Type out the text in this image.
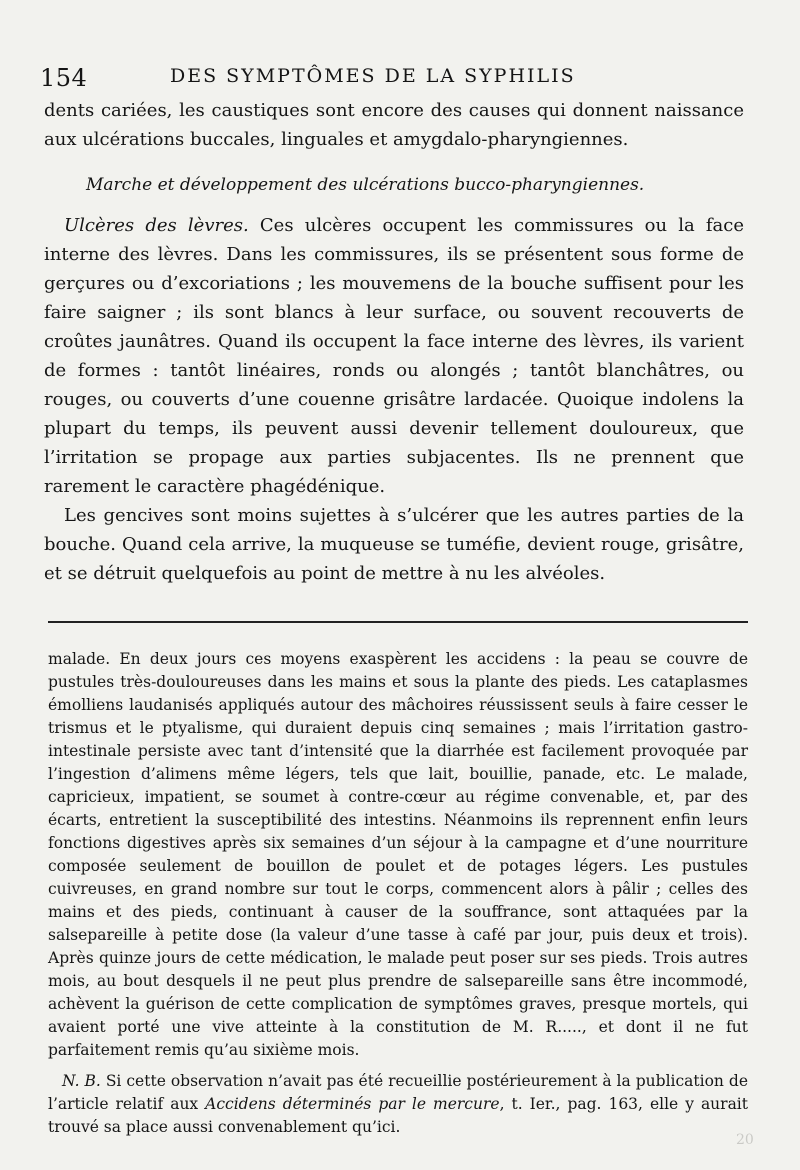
154	DES SYMPTÔMES DE LA SYPHILIS

dents cariées, les caustiques sont encore des causes qui donnent naissance aux ulcérations buccales, linguales et amygdalo-pharyngiennes.

Marche et développement des ulcérations bucco-pharyngiennes.

Ulcères des lèvres. Ces ulcères occupent les commissures ou la face interne des lèvres. Dans les commissures, ils se présentent sous forme de gerçures ou d’excoriations ; les mouvemens de la bouche suffisent pour les faire saigner ; ils sont blancs à leur surface, ou souvent recouverts de croûtes jaunâtres. Quand ils occupent la face interne des lèvres, ils varient de formes : tantôt linéaires, ronds ou alongés ; tantôt blanchâtres, ou rouges, ou couverts d’une couenne grisâtre lardacée. Quoique indolens la plupart du temps, ils peuvent aussi devenir tellement douloureux, que l’irritation se propage aux parties subjacentes. Ils ne prennent que rarement le caractère phagédénique.

Les gencives sont moins sujettes à s’ulcérer que les autres parties de la bouche. Quand cela arrive, la muqueuse se tuméfie, devient rouge, grisâtre, et se détruit quelquefois au point de mettre à nu les alvéoles.

malade. En deux jours ces moyens exaspèrent les accidens : la peau se couvre de pustules très-douloureuses dans les mains et sous la plante des pieds. Les cataplasmes émolliens laudanisés appliqués autour des mâchoires réussissent seuls à faire cesser le trismus et le ptyalisme, qui duraient depuis cinq semaines ; mais l’irritation gastro-intestinale persiste avec tant d’intensité que la diarrhée est facilement provoquée par l’ingestion d’alimens même légers, tels que lait, bouillie, panade, etc. Le malade, capricieux, impatient, se soumet à contre-cœur au régime convenable, et, par des écarts, entretient la susceptibilité des intestins. Néanmoins ils reprennent enfin leurs fonctions digestives après six semaines d’un séjour à la campagne et d’une nourriture composée seulement de bouillon de poulet et de potages légers. Les pustules cuivreuses, en grand nombre sur tout le corps, commencent alors à pâlir ; celles des mains et des pieds, continuant à causer de la souffrance, sont attaquées par la salsepareille à petite dose (la valeur d’une tasse à café par jour, puis deux et trois). Après quinze jours de cette médication, le malade peut poser sur ses pieds. Trois autres mois, au bout desquels il ne peut plus prendre de salsepareille sans être incommodé, achèvent la guérison de cette complication de symptômes graves, presque mortels, qui avaient porté une vive atteinte à la constitution de M. R....., et dont il ne fut parfaitement remis qu’au sixième mois.

N. B. Si cette observation n’avait pas été recueillie postérieurement à la publication de l’article relatif aux Accidens déterminés par le mercure, t. Ier., pag. 163, elle y aurait trouvé sa place aussi convenablement qu’ici.

20
